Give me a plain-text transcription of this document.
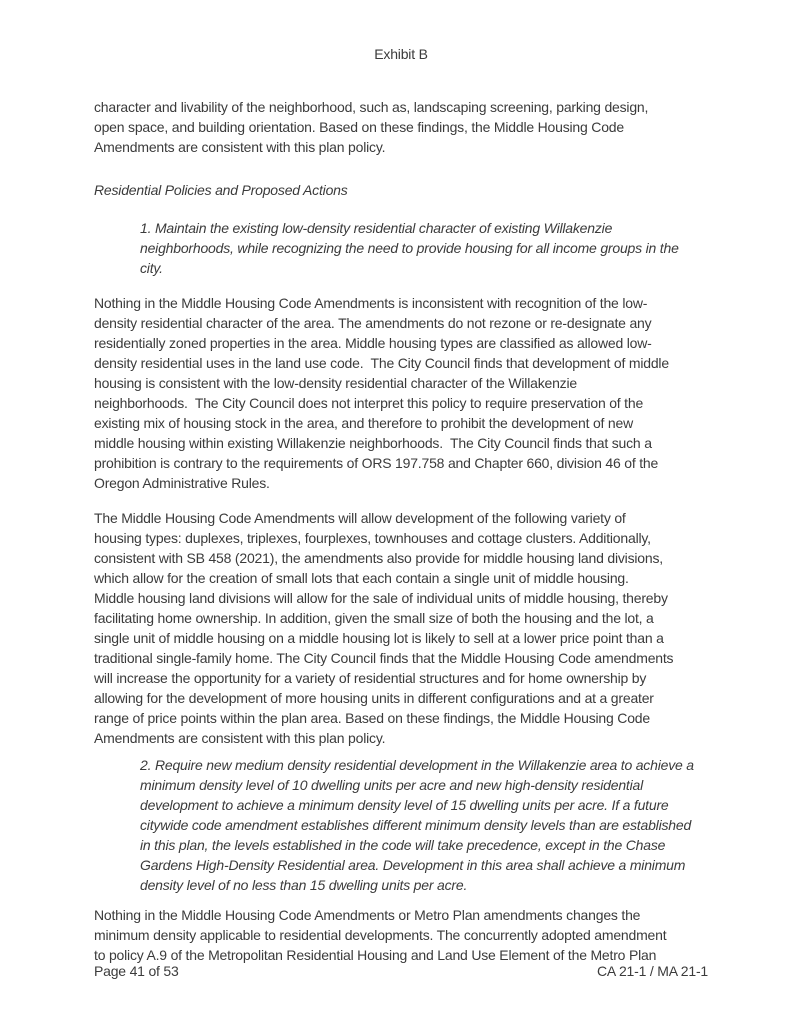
Exhibit B
character and livability of the neighborhood, such as, landscaping screening, parking design,
open space, and building orientation. Based on these findings, the Middle Housing Code
Amendments are consistent with this plan policy.
Residential Policies and Proposed Actions
1. Maintain the existing low-density residential character of existing Willakenzie
neighborhoods, while recognizing the need to provide housing for all income groups in the
city.
Nothing in the Middle Housing Code Amendments is inconsistent with recognition of the low-
density residential character of the area. The amendments do not rezone or re-designate any
residentially zoned properties in the area. Middle housing types are classified as allowed low-
density residential uses in the land use code.  The City Council finds that development of middle
housing is consistent with the low-density residential character of the Willakenzie
neighborhoods.  The City Council does not interpret this policy to require preservation of the
existing mix of housing stock in the area, and therefore to prohibit the development of new
middle housing within existing Willakenzie neighborhoods.  The City Council finds that such a
prohibition is contrary to the requirements of ORS 197.758 and Chapter 660, division 46 of the
Oregon Administrative Rules.
The Middle Housing Code Amendments will allow development of the following variety of
housing types: duplexes, triplexes, fourplexes, townhouses and cottage clusters. Additionally,
consistent with SB 458 (2021), the amendments also provide for middle housing land divisions,
which allow for the creation of small lots that each contain a single unit of middle housing.
Middle housing land divisions will allow for the sale of individual units of middle housing, thereby
facilitating home ownership. In addition, given the small size of both the housing and the lot, a
single unit of middle housing on a middle housing lot is likely to sell at a lower price point than a
traditional single-family home. The City Council finds that the Middle Housing Code amendments
will increase the opportunity for a variety of residential structures and for home ownership by
allowing for the development of more housing units in different configurations and at a greater
range of price points within the plan area. Based on these findings, the Middle Housing Code
Amendments are consistent with this plan policy.
2. Require new medium density residential development in the Willakenzie area to achieve a
minimum density level of 10 dwelling units per acre and new high-density residential
development to achieve a minimum density level of 15 dwelling units per acre. If a future
citywide code amendment establishes different minimum density levels than are established
in this plan, the levels established in the code will take precedence, except in the Chase
Gardens High-Density Residential area. Development in this area shall achieve a minimum
density level of no less than 15 dwelling units per acre.
Nothing in the Middle Housing Code Amendments or Metro Plan amendments changes the
minimum density applicable to residential developments. The concurrently adopted amendment
to policy A.9 of the Metropolitan Residential Housing and Land Use Element of the Metro Plan
Page 41 of 53	CA 21-1 / MA 21-1
